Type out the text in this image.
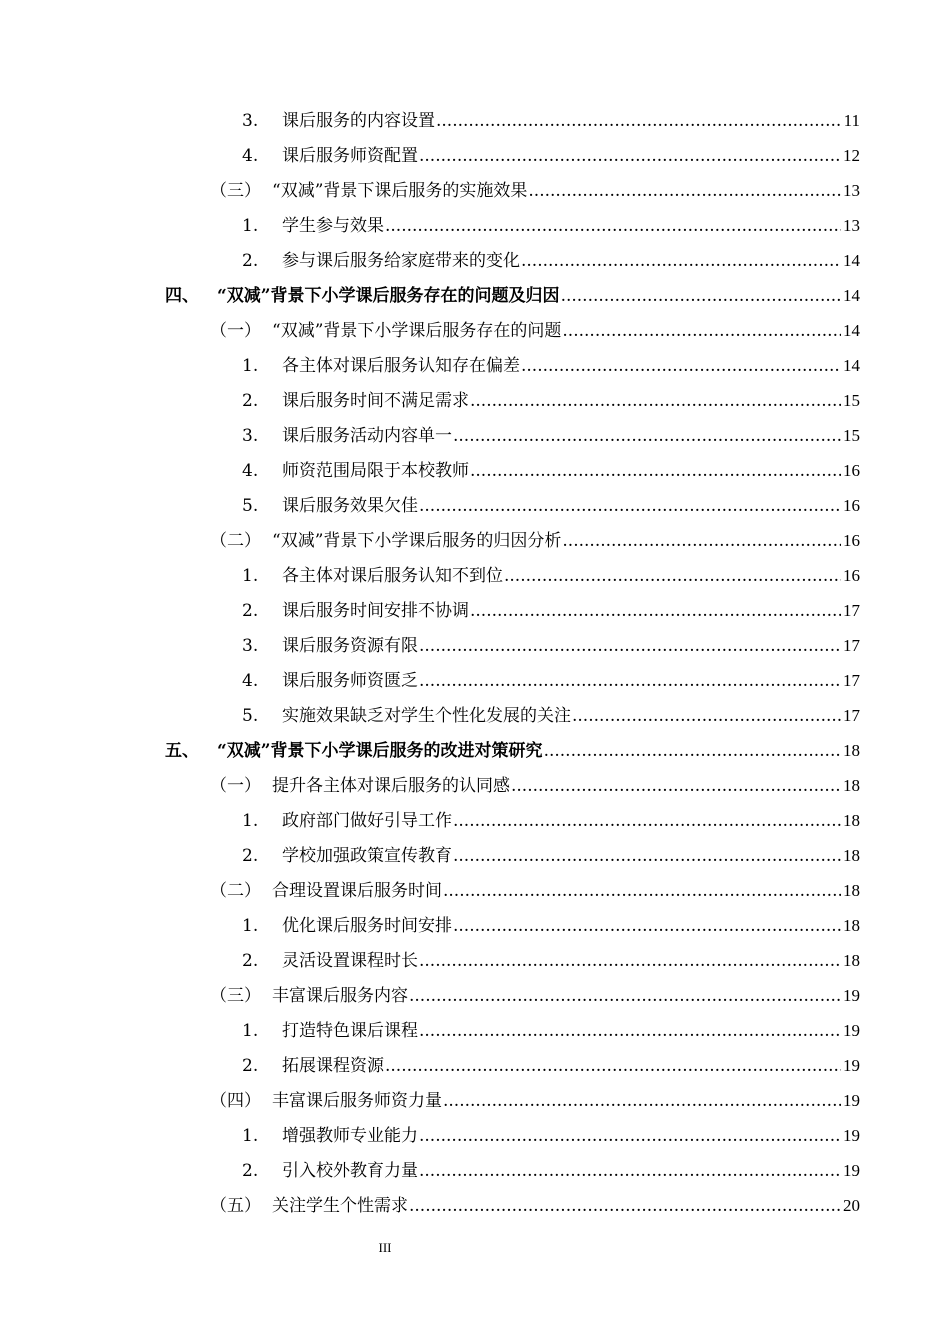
3.	课后服务的内容设置 .....	11
4.	课后服务师资配置 .....	12
（三） “双减”背景下课后服务的实施效果 .....	13
1.	学生参与效果 .....	13
2.	参与课后服务给家庭带来的变化 .....	14
四、	“双减”背景下小学课后服务存在的问题及归因 .....	14
（一） “双减”背景下小学课后服务存在的问题 .....	14
1.	各主体对课后服务认知存在偏差 .....	14
2.	课后服务时间不满足需求 .....	15
3.	课后服务活动内容单一 .....	15
4.	师资范围局限于本校教师 .....	16
5.	课后服务效果欠佳 .....	16
（二） “双减”背景下小学课后服务的归因分析 .....	16
1.	各主体对课后服务认知不到位 .....	16
2.	课后服务时间安排不协调 .....	17
3.	课后服务资源有限 .....	17
4.	课后服务师资匮乏 .....	17
5.	实施效果缺乏对学生个性化发展的关注 .....	17
五、	“双减”背景下小学课后服务的改进对策研究 .....	18
（一） 提升各主体对课后服务的认同感 .....	18
1.	政府部门做好引导工作 .....	18
2.	学校加强政策宣传教育 .....	18
（二） 合理设置课后服务时间 .....	18
1.	优化课后服务时间安排 .....	18
2.	灵活设置课程时长 .....	18
（三） 丰富课后服务内容 .....	19
1.	打造特色课后课程 .....	19
2.	拓展课程资源 .....	19
（四） 丰富课后服务师资力量 .....	19
1.	增强教师专业能力 .....	19
2.	引入校外教育力量 .....	19
（五） 关注学生个性需求 .....	20
III
